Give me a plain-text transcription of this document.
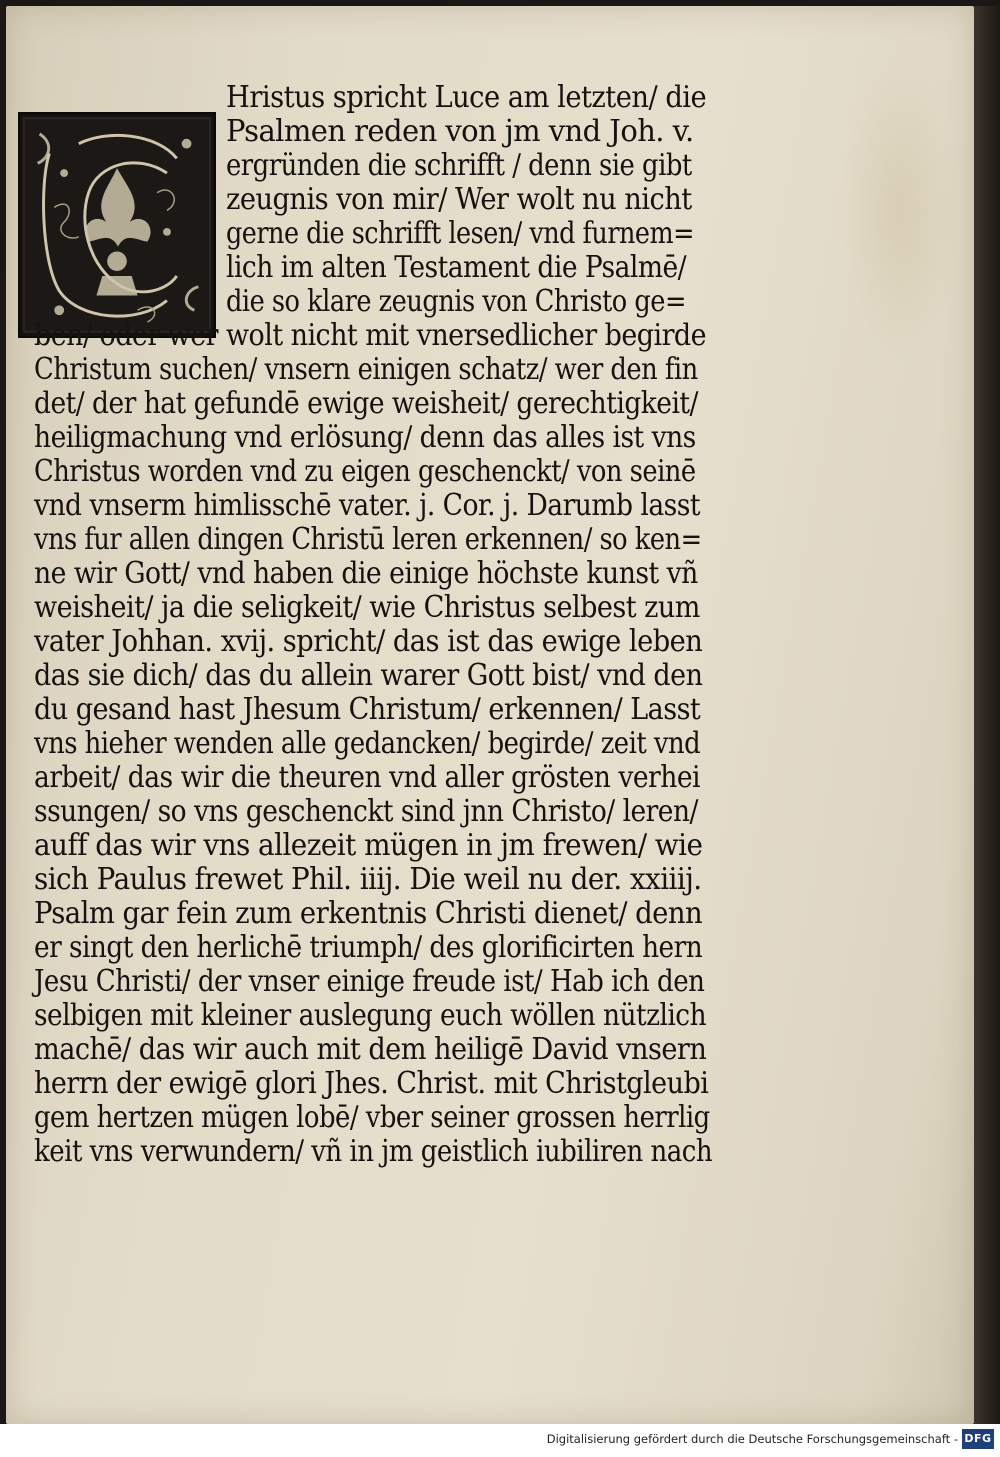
Hristus spricht Luce am letzten/ die
Psalmen reden von jm vnd Joh. v.
ergründen die schrifft / denn sie gibt
zeugnis von mir/ Wer wolt nu nicht
gerne die schrifft lesen/ vnd furnem=
lich im alten Testament die Psalmē/
die so klare zeugnis von Christo ge=
ben/ oder wer wolt nicht mit vnersedlicher begirde
Christum suchen/ vnsern einigen schatz/ wer den fin
det/ der hat gefundē ewige weisheit/ gerechtigkeit/
heiligmachung vnd erlösung/ denn das alles ist vns
Christus worden vnd zu eigen geschenckt/ von seinē
vnd vnserm himlisschē vater. j. Cor. j. Darumb lasst
vns fur allen dingen Christū leren erkennen/ so ken=
ne wir Gott/ vnd haben die einige höchste kunst vñ
weisheit/ ja die seligkeit/ wie Christus selbest zum
vater Johhan. xvij. spricht/ das ist das ewige leben
das sie dich/ das du allein warer Gott bist/ vnd den
du gesand hast Jhesum Christum/ erkennen/ Lasst
vns hieher wenden alle gedancken/ begirde/ zeit vnd
arbeit/ das wir die theuren vnd aller grösten verhei
ssungen/ so vns geschenckt sind jnn Christo/ leren/
auff das wir vns allezeit mügen in jm frewen/ wie
sich Paulus frewet Phil. iiij. Die weil nu der. xxiiij.
Psalm gar fein zum erkentnis Christi dienet/ denn
er singt den herlichē triumph/ des glorificirten hern
Jesu Christi/ der vnser einige freude ist/ Hab ich den
selbigen mit kleiner auslegung euch wöllen nützlich
machē/ das wir auch mit dem heiligē David vnsern
herrn der ewigē glori Jhes. Christ. mit Christgleubi
gem hertzen mügen lobē/ vber seiner grossen herrlig
keit vns verwundern/ vñ in jm geistlich iubiliren nach
Digitalisierung gefördert durch die Deutsche Forschungsgemeinschaft - DFG
